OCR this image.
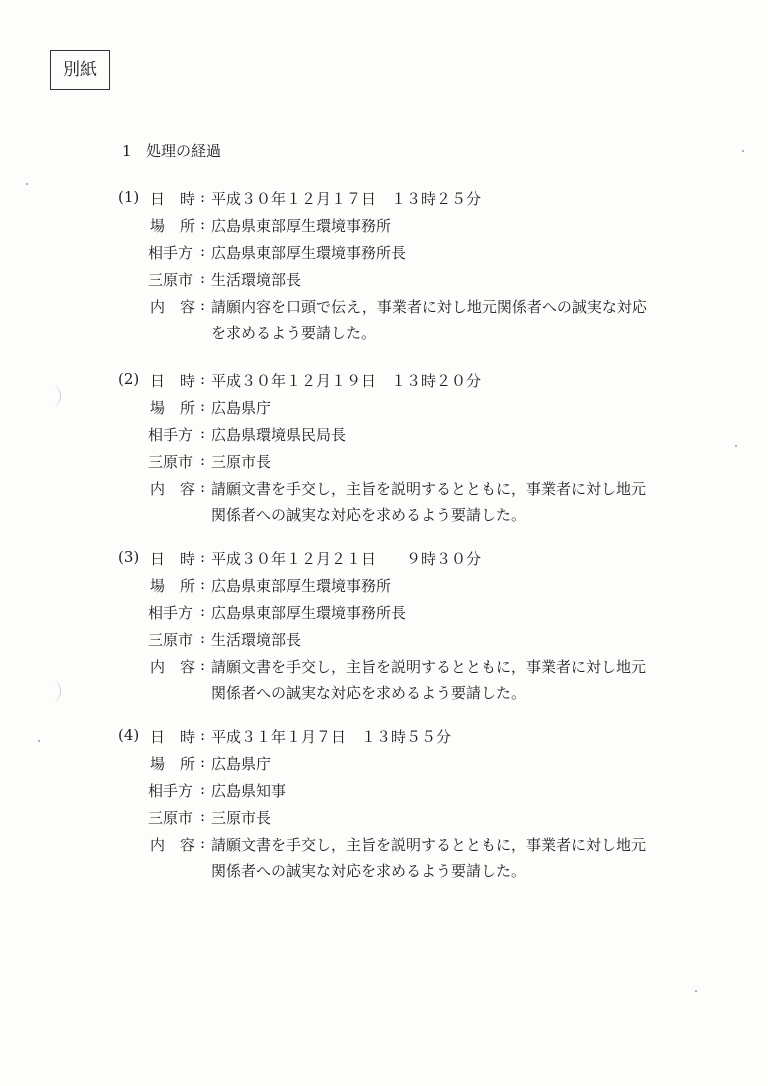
別紙
1 処理の経過
(1) 日　時 : 平成３０年１２月１７日　１３時２５分
場　所 : 広島県東部厚生環境事務所
相手方 : 広島県東部厚生環境事務所長
三原市 : 生活環境部長
内　容 : 請願内容を口頭で伝え，事業者に対し地元関係者への誠実な対応
を求めるよう要請した。
(2) 日　時 : 平成３０年１２月１９日　１３時２０分
場　所 : 広島県庁
相手方 : 広島県環境県民局長
三原市 : 三原市長
内　容 : 請願文書を手交し，主旨を説明するとともに，事業者に対し地元
関係者への誠実な対応を求めるよう要請した。
(3) 日　時 : 平成３０年１２月２１日　　９時３０分
場　所 : 広島県東部厚生環境事務所
相手方 : 広島県東部厚生環境事務所長
三原市 : 生活環境部長
内　容 : 請願文書を手交し，主旨を説明するとともに，事業者に対し地元
関係者への誠実な対応を求めるよう要請した。
(4) 日　時 : 平成３１年１月７日　１３時５５分
場　所 : 広島県庁
相手方 : 広島県知事
三原市 : 三原市長
内　容 : 請願文書を手交し，主旨を説明するとともに，事業者に対し地元
関係者への誠実な対応を求めるよう要請した。
